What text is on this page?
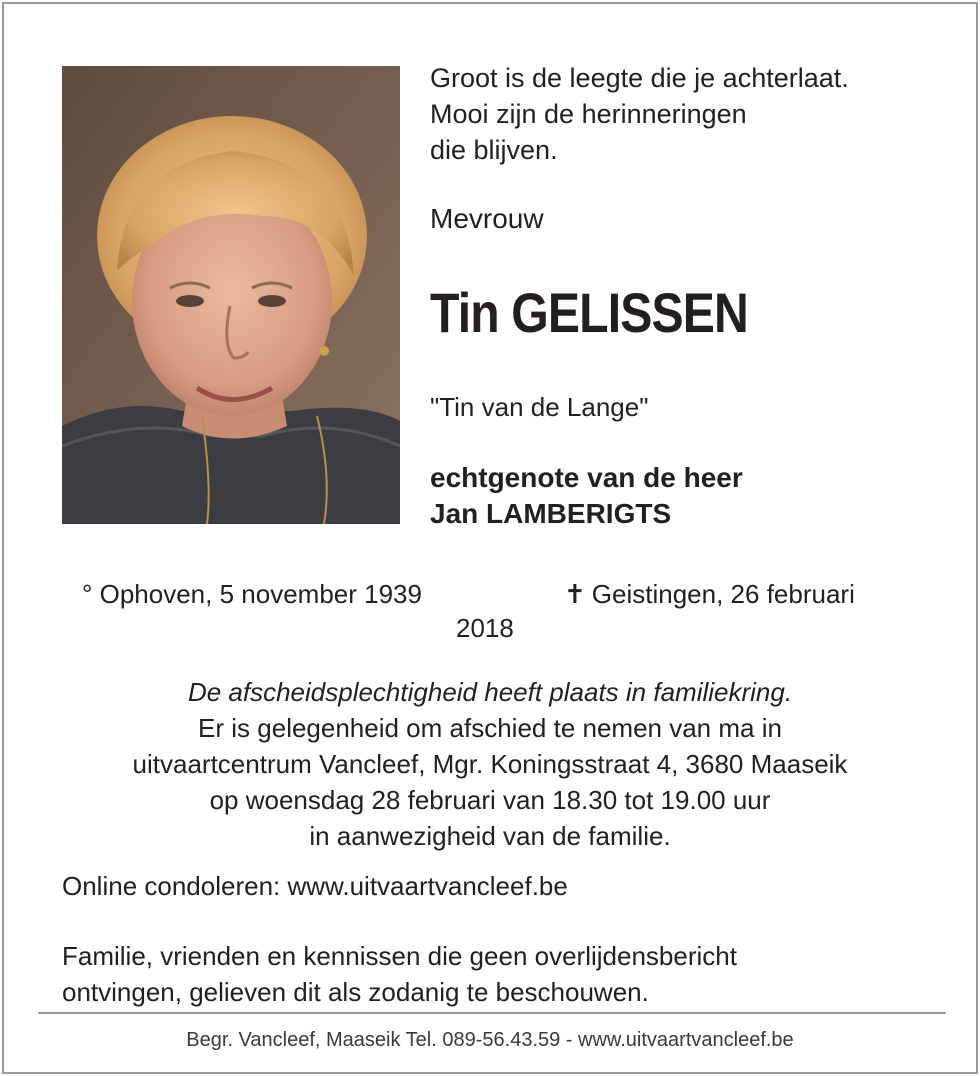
Groot is de leegte die je achterlaat.
Mooi zijn de herinneringen
die blijven.
Mevrouw
Tin GELISSEN
"Tin van de Lange"
echtgenote van de heer
Jan LAMBERIGTS
° Ophoven, 5 november 1939	✝ Geistingen, 26 februari
2018
De afscheidsplechtigheid heeft plaats in familiekring.
Er is gelegenheid om afschied te nemen van ma in
uitvaartcentrum Vancleef, Mgr. Koningsstraat 4, 3680 Maaseik
op woensdag 28 februari van 18.30 tot 19.00 uur
in aanwezigheid van de familie.
Online condoleren: www.uitvaartvancleef.be
Familie, vrienden en kennissen die geen overlijdensbericht
ontvingen, gelieven dit als zodanig te beschouwen.
Begr. Vancleef, Maaseik Tel. 089-56.43.59 - www.uitvaartvancleef.be
